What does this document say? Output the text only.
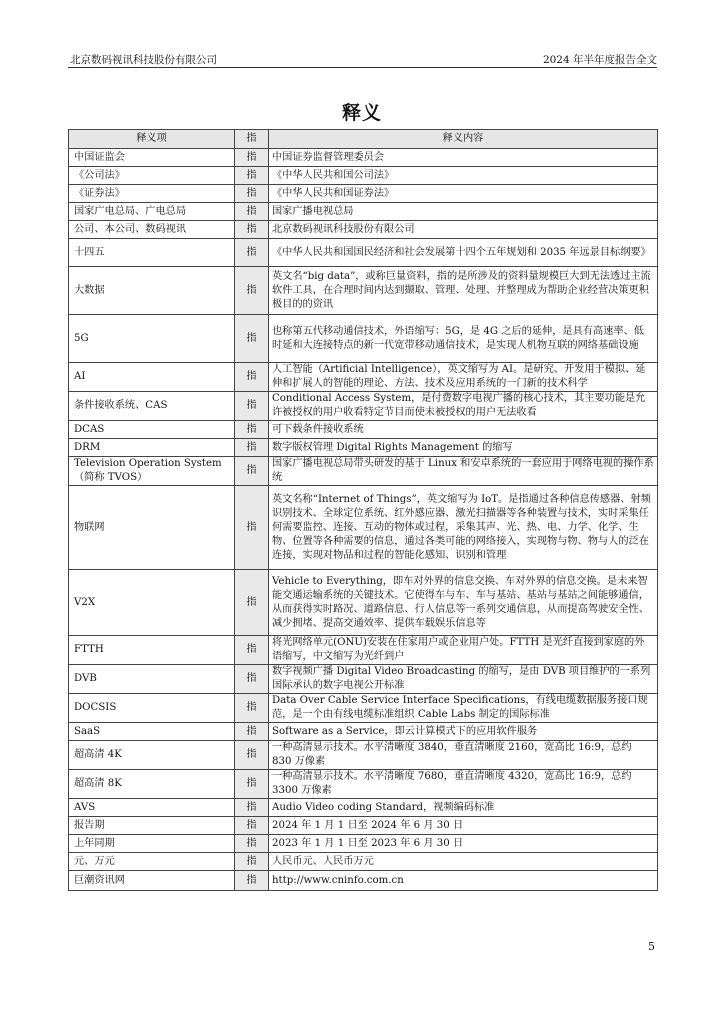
北京数码视讯科技股份有限公司	2024 年半年度报告全文
释义
释义项	指	释义内容
中国证监会	指	中国证券监督管理委员会
《公司法》	指	《中华人民共和国公司法》
《证券法》	指	《中华人民共和国证券法》
国家广电总局、广电总局	指	国家广播电视总局
公司、本公司、数码视讯	指	北京数码视讯科技股份有限公司
十四五	指	《中华人民共和国国民经济和社会发展第十四个五年规划和 2035 年远景目标纲要》
大数据	指	英文名“big data”，或称巨量资料，指的是所涉及的资料量规模巨大到无法透过主流软件工具，在合理时间内达到撷取、管理、处理、并整理成为帮助企业经营决策更积极目的的资讯
5G	指	也称第五代移动通信技术，外语缩写：5G，是 4G 之后的延伸，是具有高速率、低时延和大连接特点的新一代宽带移动通信技术，是实现人机物互联的网络基础设施
AI	指	人工智能（Artificial Intelligence），英文缩写为 AI。是研究、开发用于模拟、延伸和扩展人的智能的理论、方法、技术及应用系统的一门新的技术科学
条件接收系统、CAS	指	Conditional Access System，是付费数字电视广播的核心技术，其主要功能是允许被授权的用户收看特定节目而使未被授权的用户无法收看
DCAS	指	可下载条件接收系统
DRM	指	数字版权管理 Digital Rights Management 的缩写
Television Operation System（简称 TVOS）	指	国家广播电视总局带头研发的基于 Linux 和安卓系统的一套应用于网络电视的操作系统
物联网	指	英文名称“Internet of Things”，英文缩写为 IoT。是指通过各种信息传感器、射频识别技术、全球定位系统、红外感应器、激光扫描器等各种装置与技术，实时采集任何需要监控、连接、互动的物体或过程，采集其声、光、热、电、力学、化学、生物、位置等各种需要的信息，通过各类可能的网络接入，实现物与物、物与人的泛在连接，实现对物品和过程的智能化感知、识别和管理
V2X	指	Vehicle to Everything，即车对外界的信息交换、车对外界的信息交换。是未来智能交通运输系统的关键技术。它使得车与车、车与基站、基站与基站之间能够通信，从而获得实时路况、道路信息、行人信息等一系列交通信息，从而提高驾驶安全性、减少拥堵、提高交通效率、提供车载娱乐信息等
FTTH	指	将光网络单元(ONU)安装在住家用户或企业用户处。FTTH 是光纤直接到家庭的外语缩写，中文缩写为光纤到户
DVB	指	数字视频广播 Digital Video Broadcasting 的缩写，是由 DVB 项目维护的一系列国际承认的数字电视公开标准
DOCSIS	指	Data Over Cable Service Interface Specifications，有线电缆数据服务接口规范，是一个由有线电缆标准组织 Cable Labs 制定的国际标准
SaaS	指	Software as a Service，即云计算模式下的应用软件服务
超高清 4K	指	一种高清显示技术。水平清晰度 3840，垂直清晰度 2160，宽高比 16:9，总约 830 万像素
超高清 8K	指	一种高清显示技术。水平清晰度 7680，垂直清晰度 4320，宽高比 16:9，总约 3300 万像素
AVS	指	Audio Video coding Standard，视频编码标准
报告期	指	2024 年 1 月 1 日至 2024 年 6 月 30 日
上年同期	指	2023 年 1 月 1 日至 2023 年 6 月 30 日
元、万元	指	人民币元、人民币万元
巨潮资讯网	指	http://www.cninfo.com.cn
5
